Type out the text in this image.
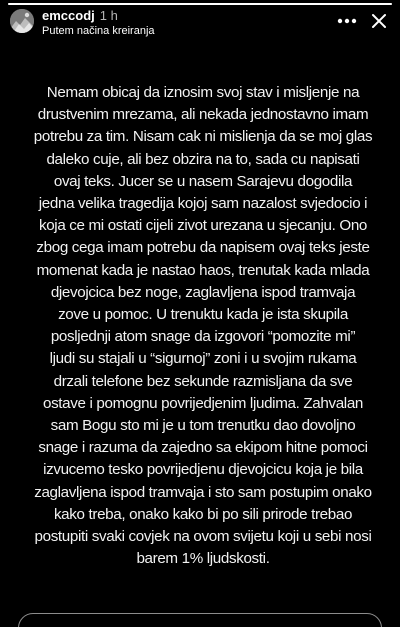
emccodj 1 h
Putem načina kreiranja

Nemam obicaj da iznosim svoj stav i misljenje na
drustvenim mrezama, ali nekada jednostavno imam
potrebu za tim. Nisam cak ni mislienja da se moj glas
daleko cuje, ali bez obzira na to, sada cu napisati
ovaj teks. Jucer se u nasem Sarajevu dogodila
jedna velika tragedija kojoj sam nazalost svjedocio i
koja ce mi ostati cijeli zivot urezana u sjecanju. Ono
zbog cega imam potrebu da napisem ovaj teks jeste
momenat kada je nastao haos, trenutak kada mlada
djevojcica bez noge, zaglavljena ispod tramvaja
zove u pomoc. U trenuktu kada je ista skupila
posljednji atom snage da izgovori “pomozite mi”
ljudi su stajali u “sigurnoj” zoni i u svojim rukama
drzali telefone bez sekunde razmisljana da sve
ostave i pomognu povrijedjenim ljudima. Zahvalan
sam Bogu sto mi je u tom trenutku dao dovoljno
snage i razuma da zajedno sa ekipom hitne pomoci
izvucemo tesko povrijedjenu djevojcicu koja je bila
zaglavljena ispod tramvaja i sto sam postupim onako
kako treba, onako kako bi po sili prirode trebao
postupiti svaki covjek na ovom svijetu koji u sebi nosi
barem 1% ljudskosti.
